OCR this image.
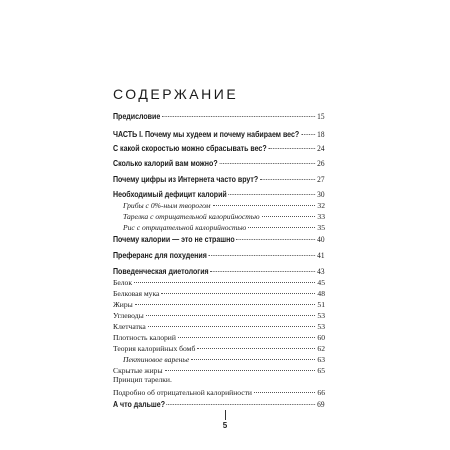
СОДЕРЖАНИЕ
Предисловие	15
ЧАСТЬ I. Почему мы худеем и почему набираем вес? 18
С какой скоростью можно сбрасывать вес?	24
Сколько калорий вам можно?	26
Почему цифры из Интернета часто врут?	27
Необходимый дефицит калорий	30
Грибы с 0%-ным творогом	32
Тарелка с отрицательной калорийностью	33
Рис с отрицательной калорийностью	35
Почему калории — это не страшно	40
Преферанс для похудения	41
Поведенческая диетология	43
Белок	45
Белковая мука	48
Жиры	51
Углеводы	53
Клетчатка	53
Плотность калорий	60
Теория калорийных бомб	62
Пектиновое варенье	63
Скрытые жиры	65
Принцип тарелки.
Подробно об отрицательной калорийности	66
А что дальше?	69
5
